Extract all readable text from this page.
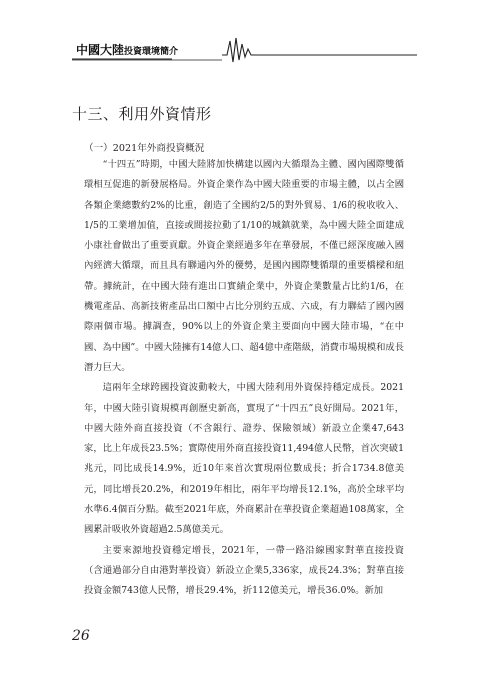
中國大陸投資環境簡介
十三、利用外資情形
（一）2021年外商投資概況

“十四五”時期，中國大陸將加快構建以國內大循環為主體、國內國際雙循環相互促進的新發展格局。外資企業作為中國大陸重要的市場主體，以占全國各類企業總數約2%的比重，創造了全國約2/5的對外貿易、1/6的稅收收入、1/5的工業增加值，直接或間接拉動了1/10的城鎮就業，為中國大陸全面建成小康社會做出了重要貢獻。外資企業經過多年在華發展，不僅已經深度融入國內經濟大循環，而且具有聯通內外的優勢，是國內國際雙循環的重要橋樑和紐帶。據統計，在中國大陸有進出口實績企業中，外資企業數量占比約1/6，在機電產品、高新技術產品出口額中占比分別約五成、六成，有力聯結了國內國際兩個市場。據調查，90%以上的外資企業主要面向中國大陸市場，“在中國、為中國”。中國大陸擁有14億人口、超4億中產階級，消費市場規模和成長潛力巨大。

這兩年全球跨國投資波動較大，中國大陸利用外資保持穩定成長。2021年，中國大陸引資規模再創歷史新高，實現了“十四五”良好開局。2021年，中國大陸外商直接投資（不含銀行、證券、保險領域）新設立企業47,643家，比上年成長23.5%；實際使用外商直接投資11,494億人民幣，首次突破1兆元，同比成長14.9%，近10年來首次實現兩位數成長；折合1734.8億美元，同比增長20.2%，和2019年相比，兩年平均增長12.1%，高於全球平均水準6.4個百分點。截至2021年底，外商累計在華投資企業超過108萬家，全國累計吸收外資超過2.5萬億美元。

主要來源地投資穩定增長，2021年，一帶一路沿線國家對華直接投資（含通過部分自由港對華投資）新設立企業5,336家，成長24.3%；對華直接投資金額743億人民幣，增長29.4%，折112億美元，增長36.0%。新加

26
